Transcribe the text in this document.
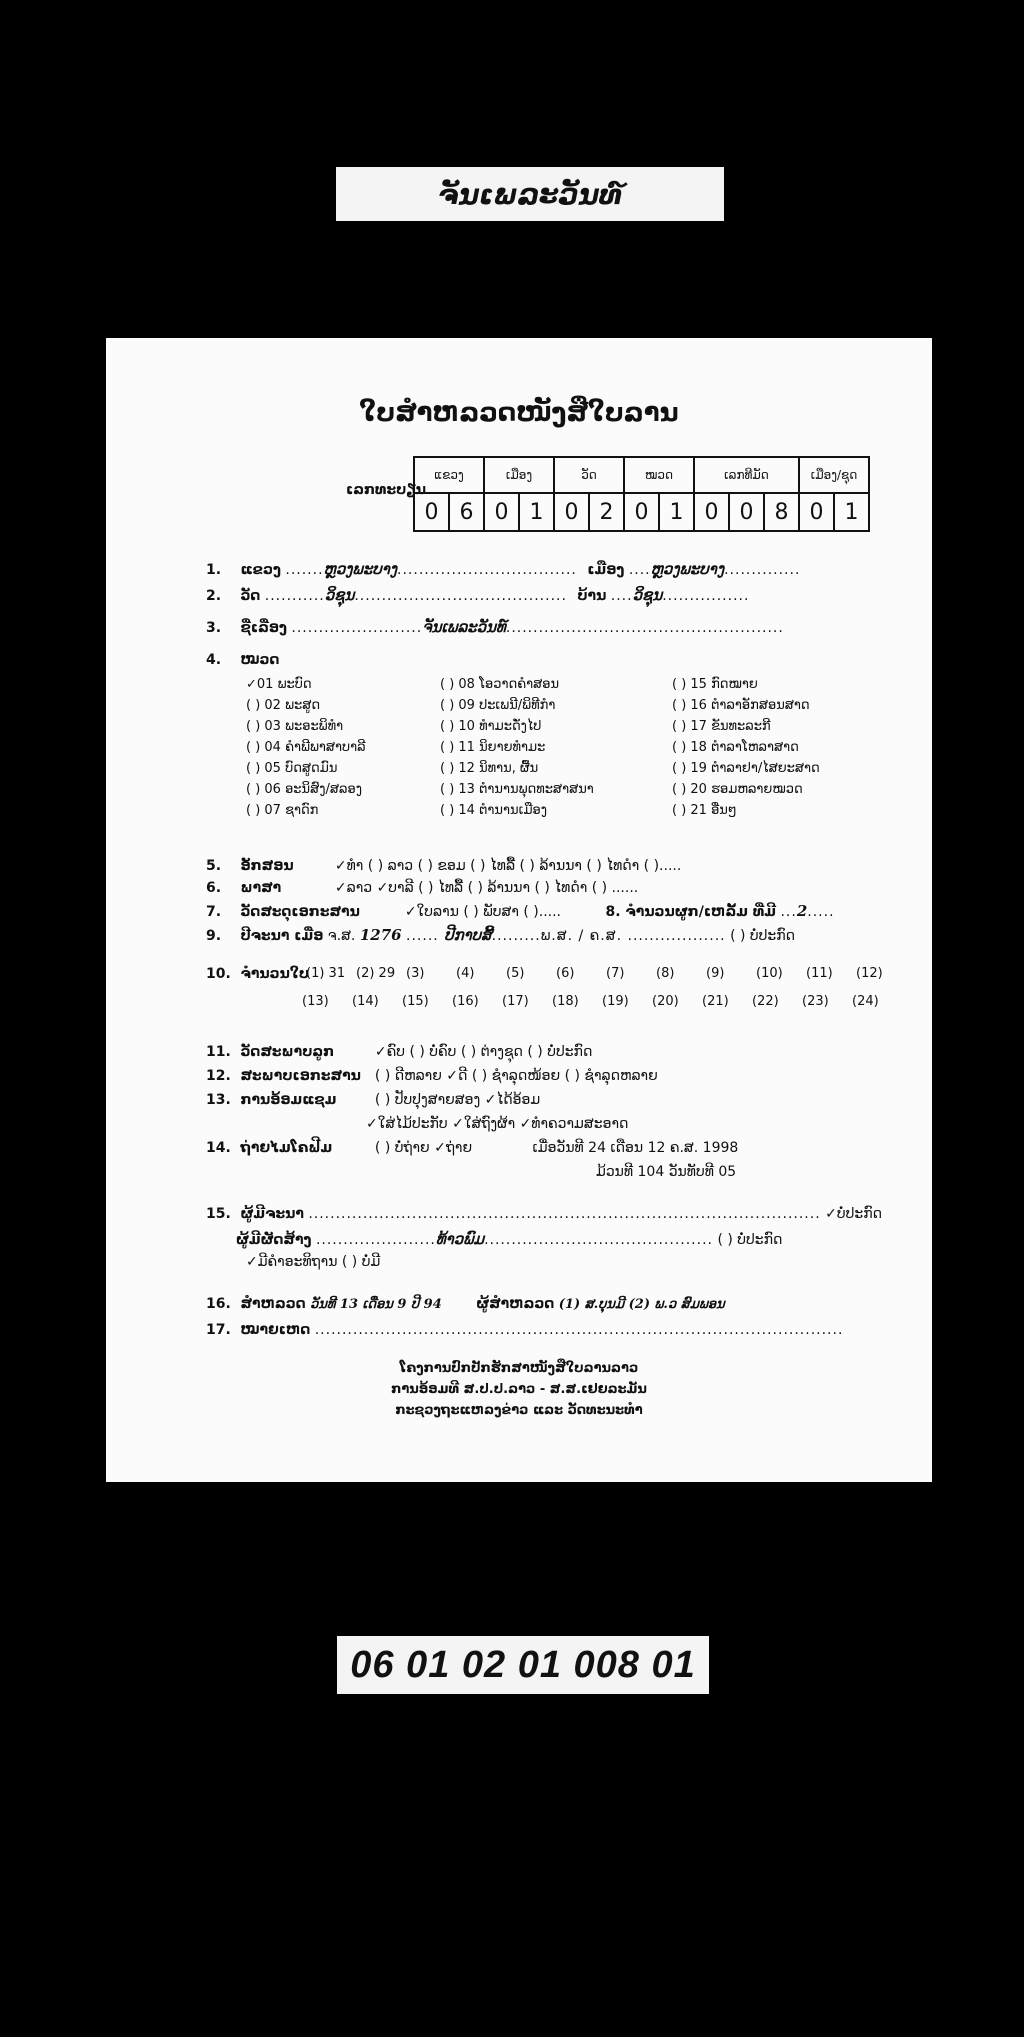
ຈັນເພລະວັນທ໌
ໃບສຳຫລວດໜັງສືໃບລານ
ເລກທະບຽນ
ແຂວງ		ເມືອງ		ວັດ		ໝວດ		ເລກທີມັດ			ເມືອງ/ຊຸດ	
0	6	0	1	0	2	0	1	0	0	8	0	1
1. ແຂວງ .......ຫຼວງພະບາງ................................. ເມືອງ ....ຫຼວງພະບາງ..............
2. ວັດ ...........ວິຊຸນ....................................... ບ້ານ ....ວິຊຸນ................
3. ຊື່ເລື່ອງ ........................ຈັນເພລະວັນທ໌...................................................
4. ໝວດ
✓01 ພະບົດ
( ) 02 ພະສູດ
( ) 03 ພະອະພິທຳ
( ) 04 ຄຳພີພາສາບາລີ
( ) 05 ບົດສູດມົນ
( ) 06 ອະນິສົງ/ສລອງ
( ) 07 ຊາດົກ
( ) 08 ໂອວາດຄຳສອນ
( ) 09 ປະເພນີ/ພິທີກຳ
( ) 10 ທຳມະດັ່ງໄປ
( ) 11 ນິຍາຍທຳມະ
( ) 12 ນິທານ, ຜື້ນ
( ) 13 ຕຳນານພຸດທະສາສນາ
( ) 14 ຕຳນານເມືອງ
( ) 15 ກົດໝາຍ
( ) 16 ຕຳລາອັກສອນສາດ
( ) 17 ຂັນທະລະກີ
( ) 18 ຕຳລາໂຫລາສາດ
( ) 19 ຕຳລາຢາ/ໄສຍະສາດ
( ) 20 ຮອມຫລາຍໝວດ
( ) 21 ອື່ນໆ
5. ອັກສອນ	✓ທຳ ( ) ລາວ ( ) ຂອມ ( ) ໄທລື້ ( ) ລ້ານນາ ( ) ໄທດຳ ( ).....
6. ພາສາ	✓ລາວ ✓ບາລີ ( ) ໄທລື້ ( ) ລ້ານນາ ( ) ໄທດຳ ( ) ......
7. ວັດສະດຸເອກະສານ	✓ໃບລານ ( ) ພັບສາ ( ).....	8. ຈຳນວນຜູກ/ເຫລັ້ມ ທີ່ມີ ...2.....
9. ປີຈະນາ ເມື່ອ ຈ.ສ. 1276 ...... ປີກາບສີ້.........ພ.ສ. / ຄ.ສ. .................. ( ) ບໍ່ປະກົດ
10. ຈຳນວນໃບ
(1) 31 (2) 29 (3) (4) (5) (6) (7) (8) (9) (10) (11) (12)
(13) (14) (15) (16) (17) (18) (19) (20) (21) (22) (23) (24)
11. ວັດສະພາບລູກ	✓ຄົບ ( ) ບໍ່ຄົບ ( ) ຕ່າງຊຸດ ( ) ບໍ່ປະກົດ
12. ສະພາບເອກະສານ ( ) ດີຫລາຍ ✓ດີ ( ) ຊຳລຸດໜ້ອຍ ( ) ຊຳລຸດຫລາຍ
13. ການອ້ອມແຊມ	( ) ປັບປຸງສາຍສອງ ✓ໄດ້ອ້ອມ
✓ໃສ່ໄມ້ປະກັບ ✓ໃສ່ຖົງຜ້າ ✓ທຳຄວາມສະອາດ
14. ຖ່າຍໄມໂຄຟີມ	( ) ບໍ່ຖ່າຍ ✓ຖ່າຍ	ເມື່ອວັນທີ 24 ເດືອນ 12 ຄ.ສ. 1998
ມ້ວນທີ 104 ວັນທັບທີ 05
15. ຜູ້ມີຈະນາ .............................................................................................. ✓ບໍ່ປະກົດ
ຜູ້ມີຜັດສ້າງ ......................ທ້າວພົມ.......................................... ( ) ບໍ່ປະກົດ
✓ມີຄຳອະທິຖານ ( ) ບໍ່ມີ
16. ສຳຫລວດ ວັນທີ 13 ເດືອນ 9 ປີ 94 ຜູ້ສຳຫລວດ (1) ສ.ບຸນມີ (2) ພ.ວ ສົມພອນ
17. ໝາຍເຫດ .................................................................................................
ໂຄງການປົກປັກຮັກສາໜັງສືໃບລານລາວ
ການອ້ອມທີ ສ.ປ.ປ.ລາວ - ສ.ສ.ເຢຍລະມັນ
ກະຊວງຖະແຫລງຂ່າວ ແລະ ວັດທະນະທຳ
06 01 02 01 008 01
